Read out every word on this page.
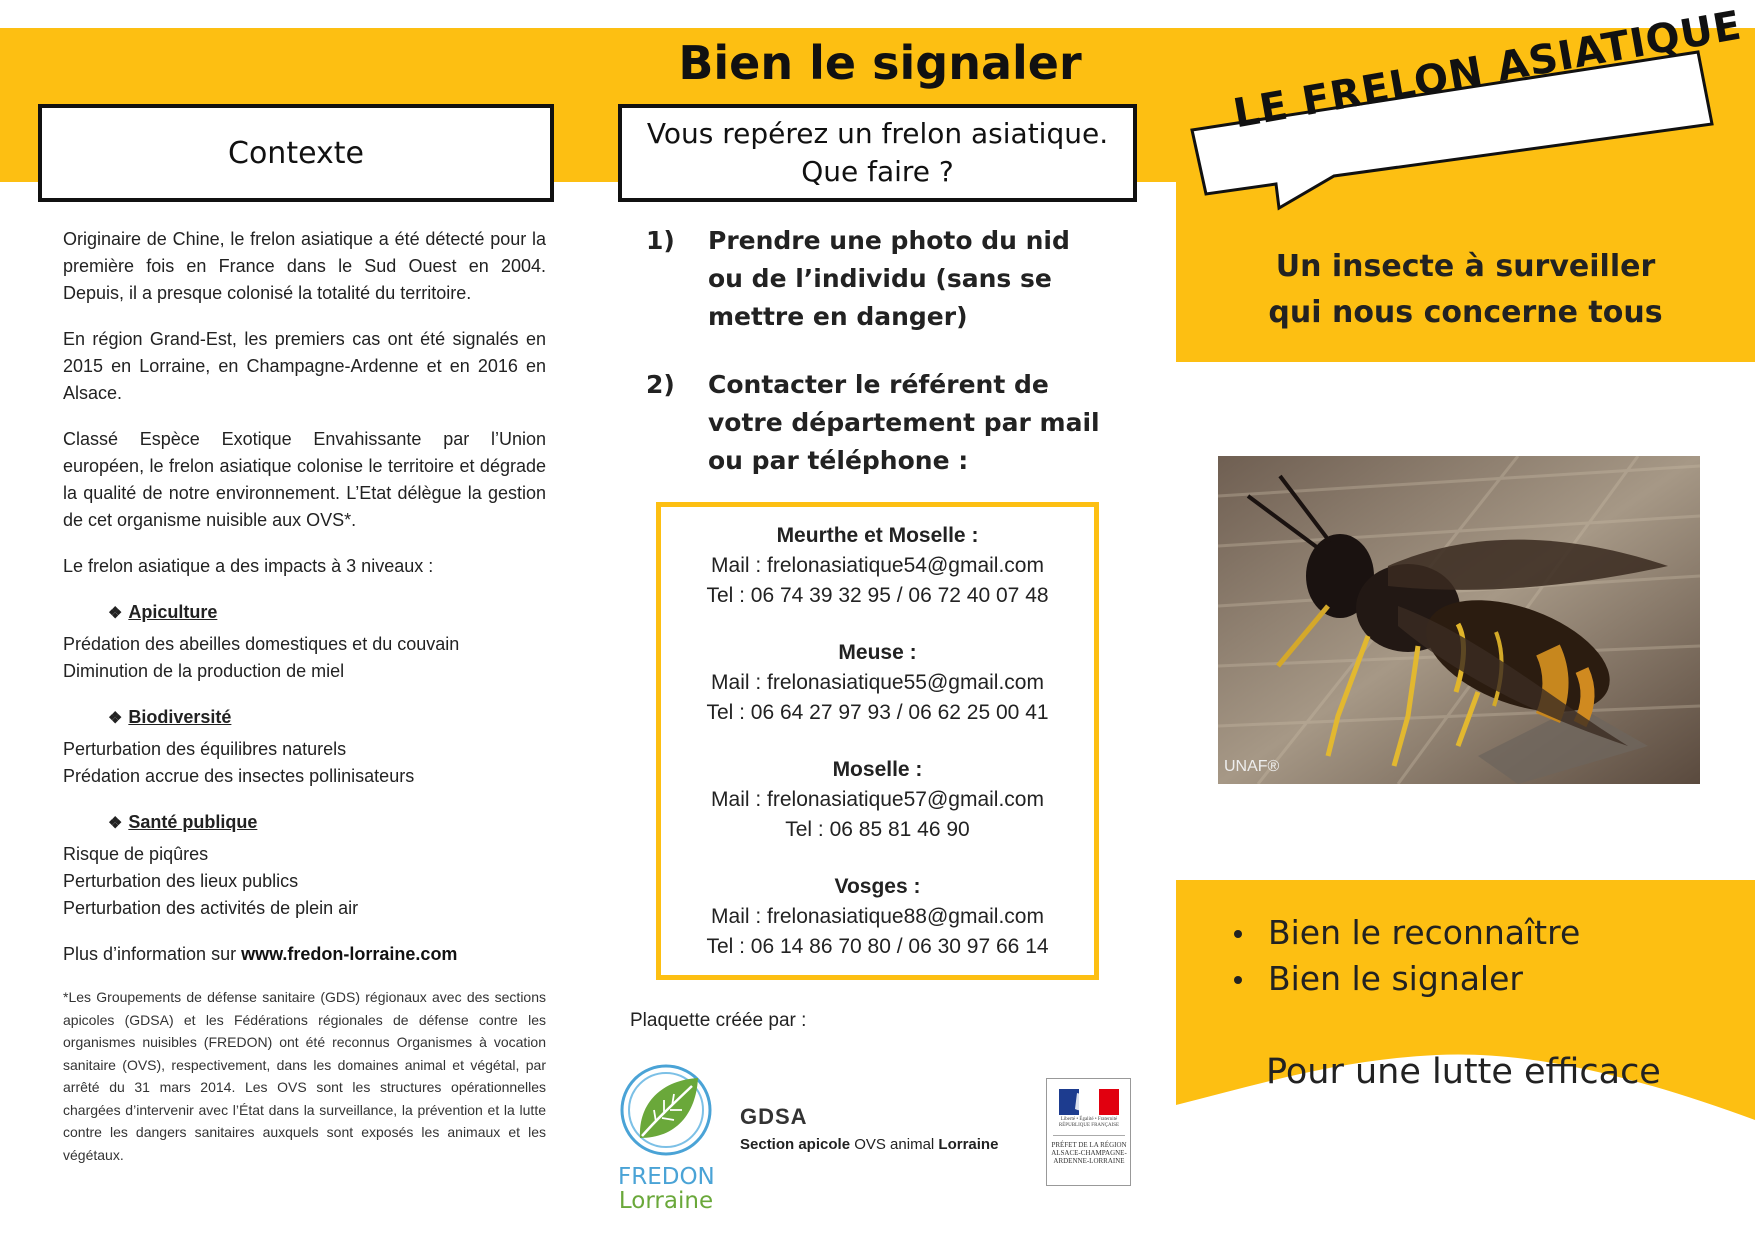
Bien le signaler
Contexte

Originaire de Chine, le frelon asiatique a été détecté pour la première fois en France dans le Sud Ouest en 2004. Depuis, il a presque colonisé la totalité du territoire.

En région Grand-Est, les premiers cas ont été signalés en 2015 en Lorraine, en Champagne-Ardenne et en 2016 en Alsace.

Classé Espèce Exotique Envahissante par l’Union européen, le frelon asiatique colonise le territoire et dégrade la qualité de notre environnement. L’Etat délègue la gestion de cet organisme nuisible aux OVS*.

Le frelon asiatique a des impacts à 3 niveaux :

❖ Apiculture
Prédation des abeilles domestiques et du couvain
Diminution de la production de miel
❖ Biodiversité
Perturbation des équilibres naturels
Prédation accrue des insectes pollinisateurs
❖ Santé publique
Risque de piqûres
Perturbation des lieux publics
Perturbation des activités de plein air

Plus d’information sur www.fredon-lorraine.com

*Les Groupements de défense sanitaire (GDS) régionaux avec des sections apicoles (GDSA) et les Fédérations régionales de défense contre les organismes nuisibles (FREDON) ont été reconnus Organismes à vocation sanitaire (OVS), respectivement, dans les domaines animal et végétal, par arrêté du 31 mars 2014. Les OVS sont les structures opérationnelles chargées d’intervenir avec l’État dans la surveillance, la prévention et la lutte contre les dangers sanitaires auxquels sont exposés les animaux et les végétaux.

Vous repérez un frelon asiatique.
Que faire ?
1)	Prendre une photo du nid ou de l’individu (sans se mettre en danger)
2)	Contacter le référent de votre département par mail ou par téléphone :
Meurthe et Moselle :
Mail : frelonasiatique54@gmail.com
Tel : 06 74 39 32 95 / 06 72 40 07 48
Meuse :
Mail : frelonasiatique55@gmail.com
Tel : 06 64 27 97 93 / 06 62 25 00 41
Moselle :
Mail : frelonasiatique57@gmail.com
Tel : 06 85 81 46 90
Vosges :
Mail : frelonasiatique88@gmail.com
Tel : 06 14 86 70 80 / 06 30 97 66 14
Plaquette créée par :
FREDON
Lorraine
GDSA
Section apicole OVS animal Lorraine
Liberté • Égalité • Fraternité
RÉPUBLIQUE FRANÇAISE
PRÉFET DE LA RÉGION ALSACE-CHAMPAGNE-ARDENNE-LORRAINE
LE FRELON ASIATIQUE
Un insecte à surveiller
qui nous concerne tous
UNAF®
Bien le reconnaître
Bien le signaler
Pour une lutte efficace
